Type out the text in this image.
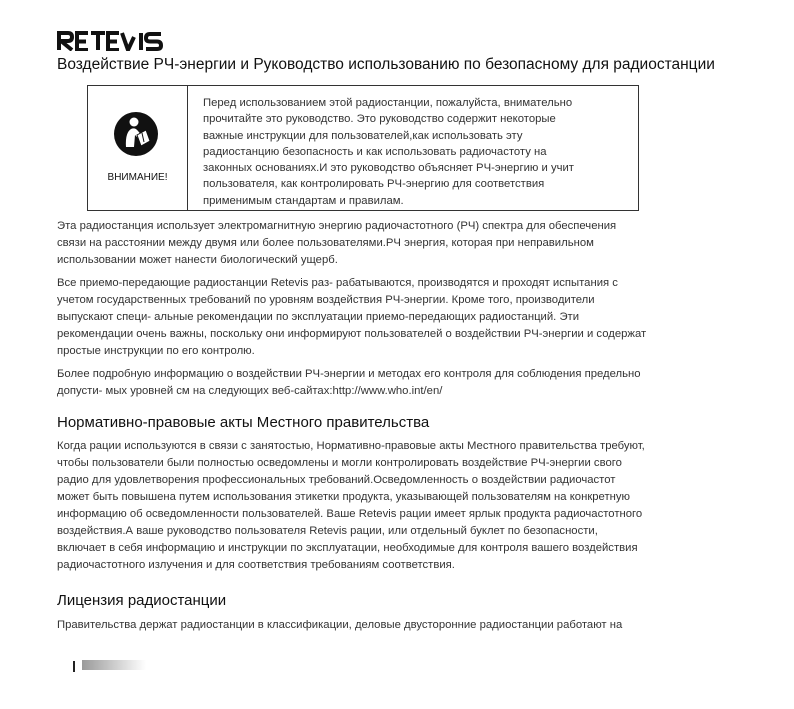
Воздействие РЧ-энергии и Руководство использованию по безопасному для радиостанции
ВНИМАНИЕ!
Перед использованием этой радиостанции, пожалуйста, внимательно
прочитайте это руководство. Это руководство содержит некоторые
важные инструкции для пользователей,как использовать эту
радиостанцию безопасность и как использовать радиочастоту на
законных основаниях.И это руководство объясняет РЧ-энергию и учит
пользователя, как контролировать РЧ-энергию для соответствия
применимым стандартам и правилам.
Эта радиостанция использует электромагнитную энергию радиочастотного (РЧ) спектра для обеспечения
связи на расстоянии между двумя или более пользователями.РЧ энергия, которая при неправильном
использовании может нанести биологический ущерб.
Все приемо-передающие радиостанции Retevis раз- рабатываются, производятся и проходят испытания с
учетом государственных требований по уровням воздействия РЧ-энергии. Кроме того, производители
выпускают специ- альные рекомендации по эксплуатации приемо-передающих радиостанций. Эти
рекомендации очень важны, поскольку они информируют пользователей о воздействии РЧ-энергии и содержат
простые инструкции по его контролю.
Более подробную информацию о воздействии РЧ-энергии и методах его контроля для соблюдения предельно
допусти- мых уровней см на следующих веб-сайтах:http://www.who.int/en/
Нормативно-правовые акты Местного правительства
Когда рации используются в связи с занятостью, Нормативно-правовые акты Местного правительства требуют,
чтобы пользователи были полностью осведомлены и могли контролировать воздействие РЧ-энергии свого
радио для удовлетворения профессиональных требований.Осведомленность о воздействии радиочастот
может быть повышена путем использования этикетки продукта, указывающей пользователям на конкретную
информацию об осведомленности пользователей. Ваше Retevis рации имеет ярлык продукта радиочастотного
воздействия.А ваше руководство пользователя Retevis рации, или отдельный буклет по безопасности,
включает в себя информацию и инструкции по эксплуатации, необходимые для контроля вашего воздействия
радиочастотного излучения и для соответствия требованиям соответствия.
Лицензия радиостанции
Правительства держат радиостанции в классификации, деловые двусторонние радиостанции работают на
